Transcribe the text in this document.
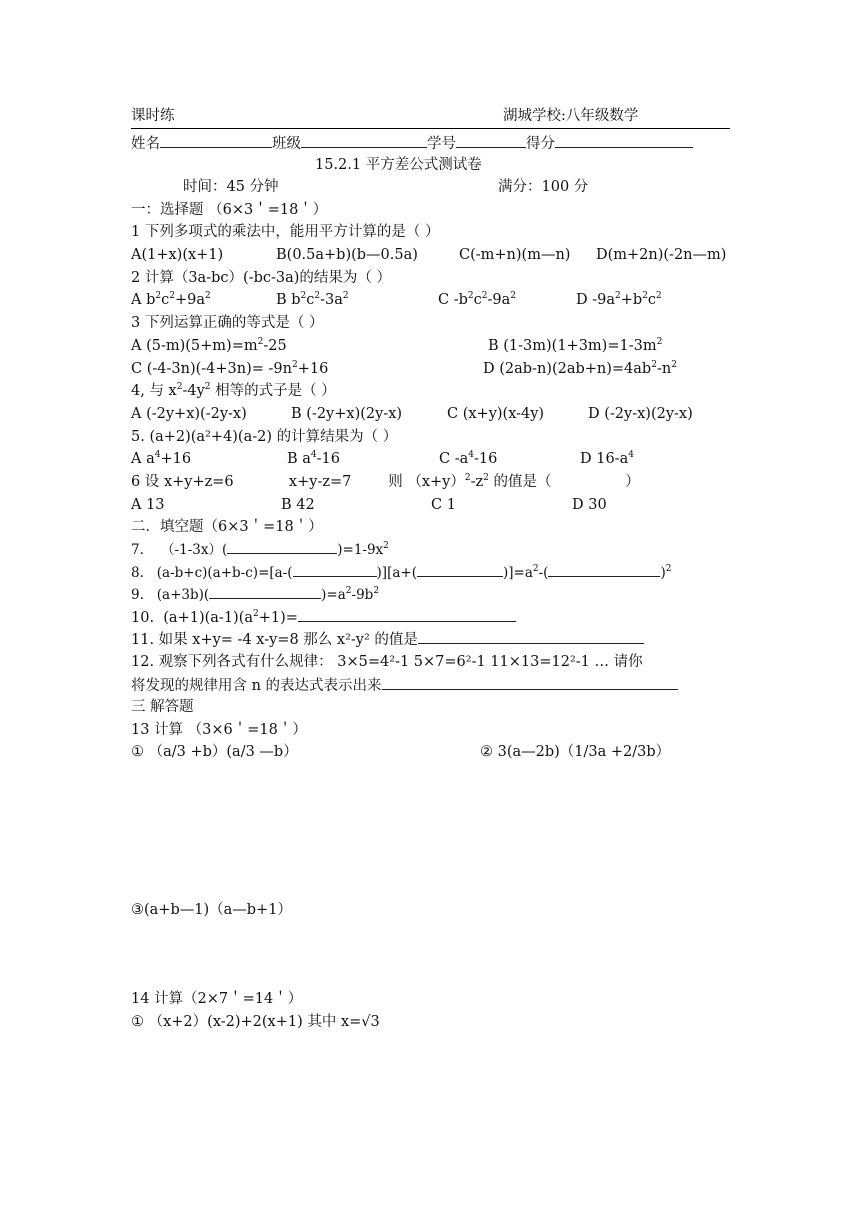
课时练	湖城学校:八年级数学
姓名	班级	学号	得分
15.2.1 平方差公式测试卷
时间：45 分钟	满分：100 分
一：选择题 （6×3＇=18＇）
1 下列多项式的乘法中，能用平方计算的是（ ）
A(1+x)(x+1)	B(0.5a+b)(b—0.5a)	C(-m+n)(m—n) D(m+2n)(-2n—m)
2 计算（3a-bc）(-bc-3a)的结果为（ ）
A $b^2c^2+9a^2$	B $b^2c^2-3a^2$	C $-b^2c^2-9a^2$	D $-9a^2+b^2c^2$
3 下列运算正确的等式是（ ）
A $(5-m)(5+m)=m^2-25$	B $(1-3m)(1+3m)=1-3m^2$
C $(-4-3n)(-4+3n)= -9n^2+16$	D $(2ab-n)(2ab+n)=4ab^2-n^2$
4, 与 $x^2-4y^2$ 相等的式子是（ ）
A (-2y+x)(-2y-x)	B (-2y+x)(2y-x)	C (x+y)(x-4y)	D (-2y-x)(2y-x)
5. (a+2)(a²+4)(a-2) 的计算结果为（ ）
A $a^4+16$	B $a^4-16$	C $-a^4-16$	D $16-a^4$
6 设 x+y+z=6            x+y-z=7        则 $(x+y)^2-z^2$ 的值是（                ）
A 13	B 42	C 1	D 30
二．填空题（6×3＇=18＇）
7.    （-1-3x）(	)$=1-9x^2$
8.   (a-b+c)(a+b-c)=[a-(	)][a+(	)]$=a^2-$(	)$^2$
9.   (a+3b)(	)$=a^2-9b^2$
10.  $(a+1)(a-1)(a^2+1)=$
11. 如果 x+y= -4 x-y=8 那么 x²-y² 的值是
12. 观察下列各式有什么规律： 3×5=4²-1 5×7=6²-1 11×13=12²-1 … 请你
将发现的规律用含 n 的表达式表示出来
三 解答题
13 计算 （3×6＇=18＇）
① （a/3 +b）(a/3 —b）	② 3(a—2b)（1/3a +2/3b）
③(a+b—1)（a—b+1）
14 计算（2×7＇=14＇）
① （x+2）(x-2)+2(x+1) 其中 x=√3
